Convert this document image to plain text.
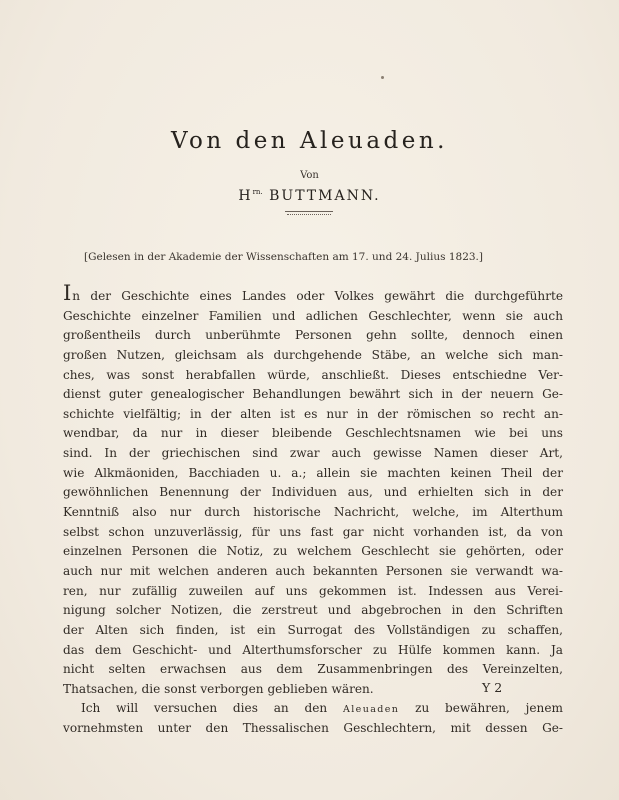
Von den Aleuaden.
Von
$H^{rn.}$ BUTTMANN.
[Gelesen in der Akademie der Wissenschaften am 17. und 24. Julius 1823.]
In der Geschichte eines Landes oder Volkes gewährt die durchgeführte
Geschichte einzelner Familien und adlichen Geschlechter, wenn sie auch
großentheils durch unberühmte Personen gehn sollte, dennoch einen
großen Nutzen, gleichsam als durchgehende Stäbe, an welche sich man-
ches, was sonst herabfallen würde, anschließt. Dieses entschiedne Ver-
dienst guter genealogischer Behandlungen bewährt sich in der neuern Ge-
schichte vielfältig; in der alten ist es nur in der römischen so recht an-
wendbar, da nur in dieser bleibende Geschlechtsnamen wie bei uns
sind. In der griechischen sind zwar auch gewisse Namen dieser Art,
wie Alkmäoniden, Bacchiaden u. a.; allein sie machten keinen Theil der
gewöhnlichen Benennung der Individuen aus, und erhielten sich in der
Kenntniß also nur durch historische Nachricht, welche, im Alterthum
selbst schon unzuverlässig, für uns fast gar nicht vorhanden ist, da von
einzelnen Personen die Notiz, zu welchem Geschlecht sie gehörten, oder
auch nur mit welchen anderen auch bekannten Personen sie verwandt wa-
ren, nur zufällig zuweilen auf uns gekommen ist. Indessen aus Verei-
nigung solcher Notizen, die zerstreut und abgebrochen in den Schriften
der Alten sich finden, ist ein Surrogat des Vollständigen zu schaffen,
das dem Geschicht- und Alterthumsforscher zu Hülfe kommen kann. Ja
nicht selten erwachsen aus dem Zusammenbringen des Vereinzelten,
Thatsachen, die sonst verborgen geblieben wären.
Ich will versuchen dies an den Aleuaden zu bewähren, jenem
vornehmsten unter den Thessalischen Geschlechtern, mit dessen Ge-
Y 2
